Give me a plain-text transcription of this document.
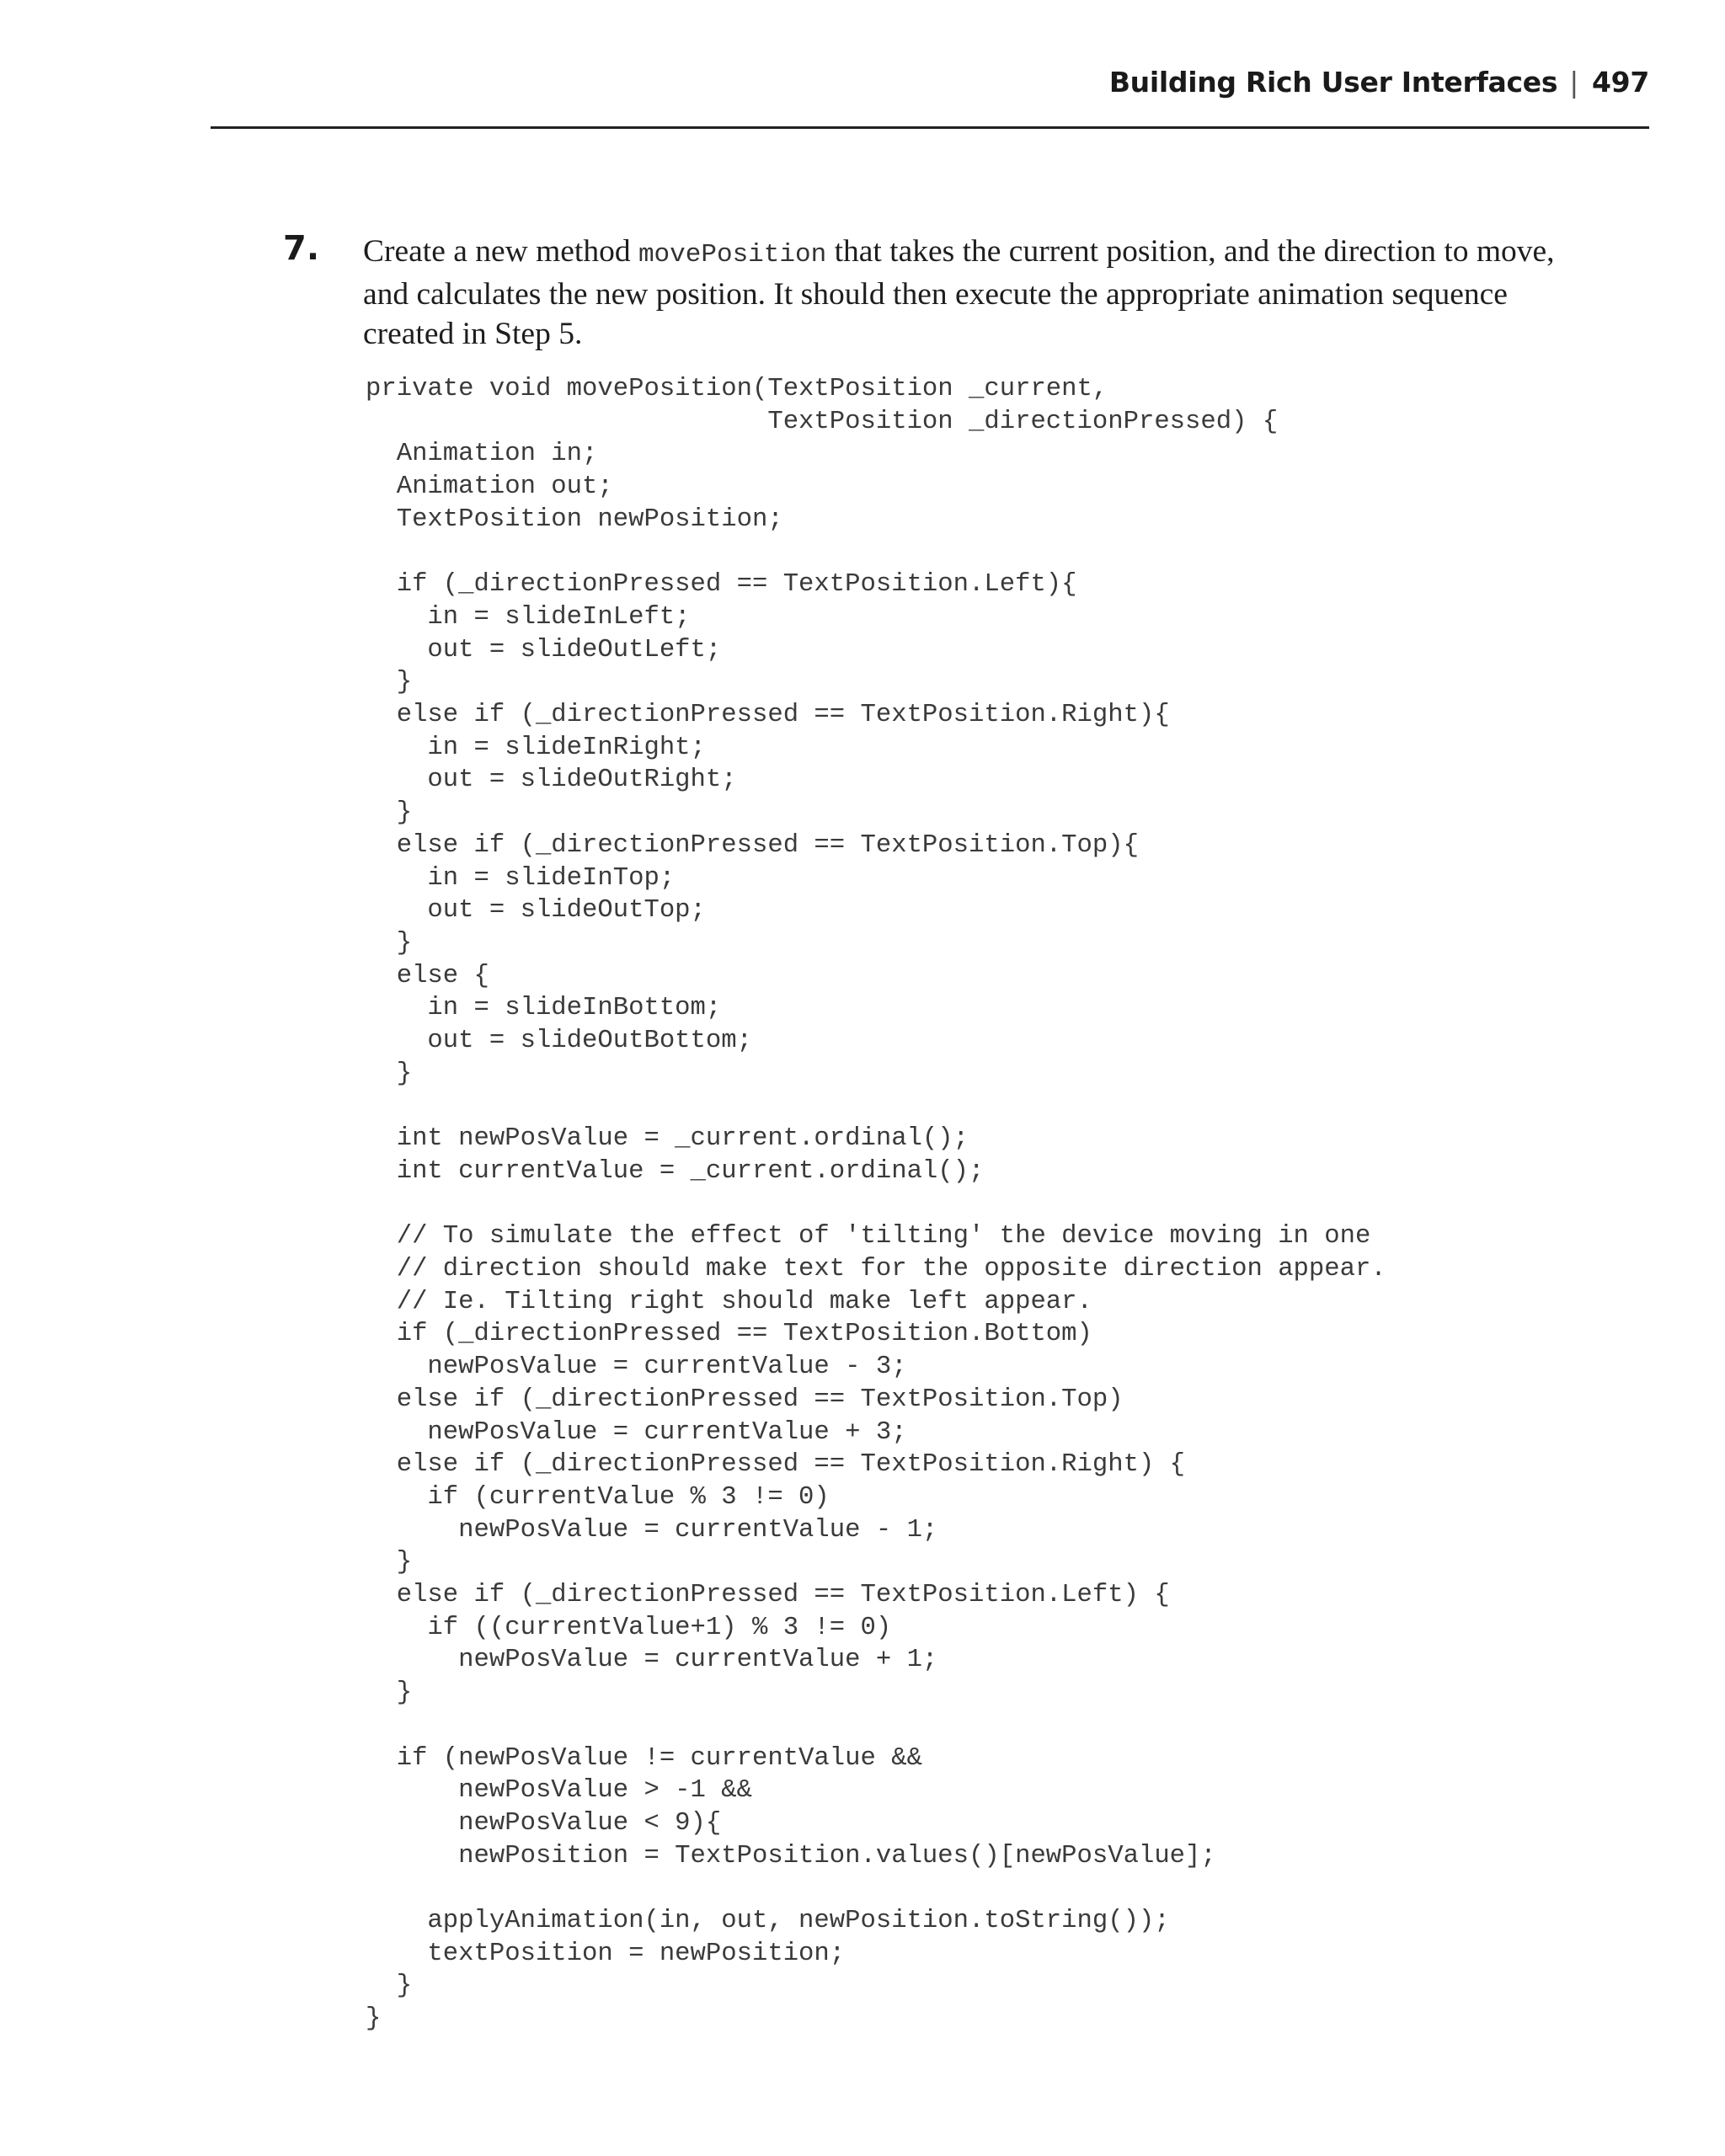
Building Rich User Interfaces | 497
7. Create a new method movePosition that takes the current position, and the direction to move, and calculates the new position. It should then execute the appropriate animation sequence created in Step 5.
private void movePosition(TextPosition _current,
TextPosition _directionPressed) {
Animation in;
Animation out;
TextPosition newPosition;

if (_directionPressed == TextPosition.Left){
in = slideInLeft;
out = slideOutLeft;
}
else if (_directionPressed == TextPosition.Right){
in = slideInRight;
out = slideOutRight;
}
else if (_directionPressed == TextPosition.Top){
in = slideInTop;
out = slideOutTop;
}
else {
in = slideInBottom;
out = slideOutBottom;
}

int newPosValue = _current.ordinal();
int currentValue = _current.ordinal();

// To simulate the effect of 'tilting' the device moving in one
// direction should make text for the opposite direction appear.
// Ie. Tilting right should make left appear.
if (_directionPressed == TextPosition.Bottom)
newPosValue = currentValue - 3;
else if (_directionPressed == TextPosition.Top)
newPosValue = currentValue + 3;
else if (_directionPressed == TextPosition.Right) {
if (currentValue % 3 != 0)
newPosValue = currentValue - 1;
}
else if (_directionPressed == TextPosition.Left) {
if ((currentValue+1) % 3 != 0)
newPosValue = currentValue + 1;
}

if (newPosValue != currentValue &&
newPosValue > -1 &&
newPosValue < 9){
newPosition = TextPosition.values()[newPosValue];

applyAnimation(in, out, newPosition.toString());
textPosition = newPosition;
}
}
